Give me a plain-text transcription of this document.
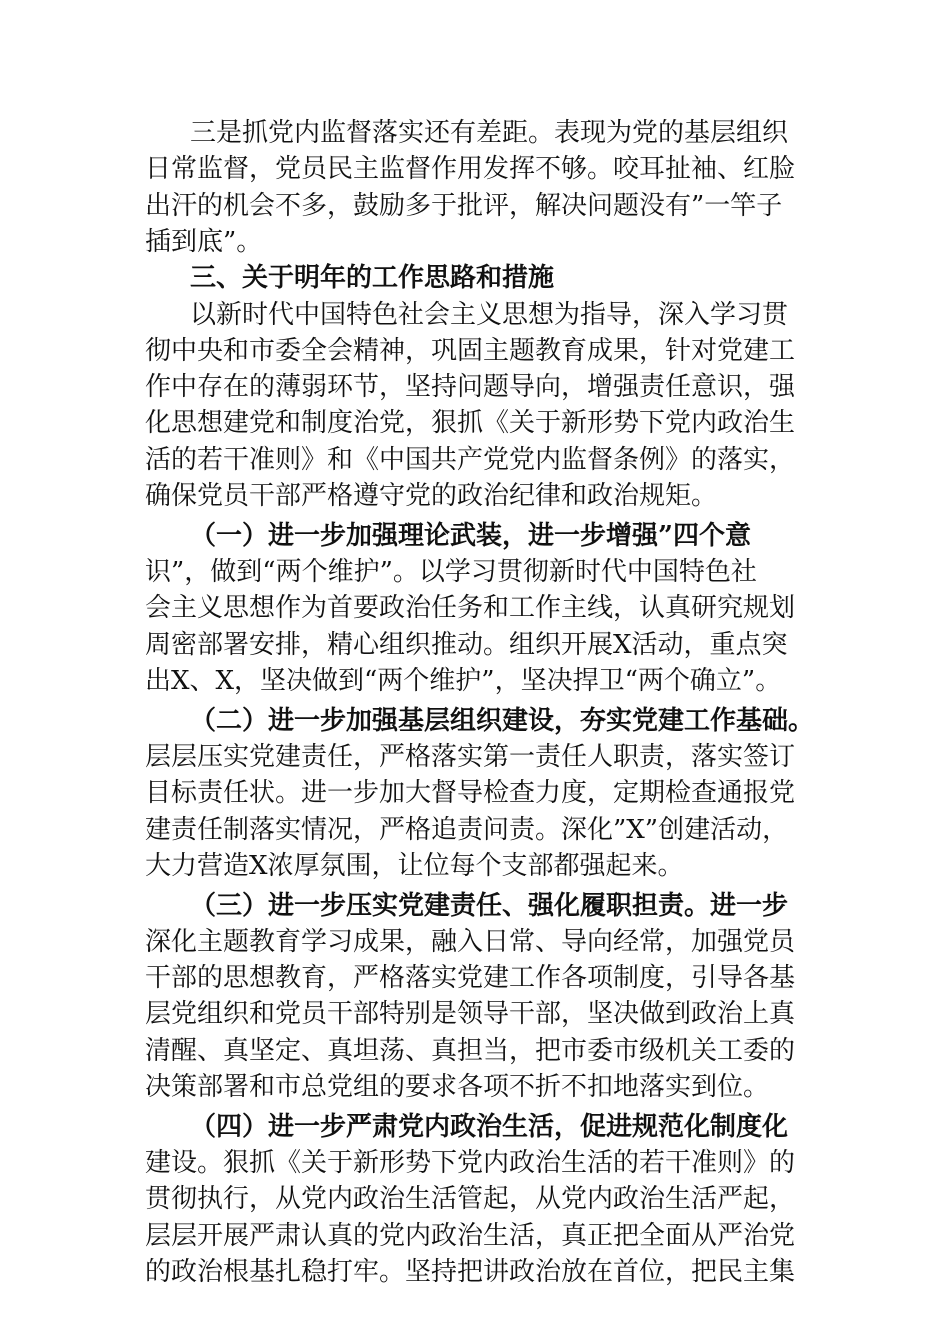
三是抓党内监督落实还有差距。表现为党的基层组织
日常监督，党员民主监督作用发挥不够。咬耳扯袖、红脸
出汗的机会不多，鼓励多于批评，解决问题没有”一竿子
插到底”。
三、关于明年的工作思路和措施
以新时代中国特色社会主义思想为指导，深入学习贯
彻中央和市委全会精神，巩固主题教育成果，针对党建工
作中存在的薄弱环节，坚持问题导向，增强责任意识，强
化思想建党和制度治党，狠抓《关于新形势下党内政治生
活的若干准则》和《中国共产党党内监督条例》的落实，
确保党员干部严格遵守党的政治纪律和政治规矩。
（一）进一步加强理论武装，进一步增强”四个意
识”，做到“两个维护”。以学习贯彻新时代中国特色社
会主义思想作为首要政治任务和工作主线，认真研究规划
周密部署安排，精心组织推动。组织开展X活动，重点突
出X、X，坚决做到“两个维护”，坚决捍卫“两个确立”。
（二）进一步加强基层组织建设，夯实党建工作基础。
层层压实党建责任，严格落实第一责任人职责，落实签订
目标责任状。进一步加大督导检查力度，定期检查通报党
建责任制落实情况，严格追责问责。深化”X”创建活动，
大力营造X浓厚氛围，让位每个支部都强起来。
（三）进一步压实党建责任、强化履职担责。进一步
深化主题教育学习成果，融入日常、导向经常，加强党员
干部的思想教育，严格落实党建工作各项制度，引导各基
层党组织和党员干部特别是领导干部，坚决做到政治上真
清醒、真坚定、真坦荡、真担当，把市委市级机关工委的
决策部署和市总党组的要求各项不折不扣地落实到位。
（四）进一步严肃党内政治生活，促进规范化制度化
建设。狠抓《关于新形势下党内政治生活的若干准则》的
贯彻执行，从党内政治生活管起，从党内政治生活严起，
层层开展严肃认真的党内政治生活，真正把全面从严治党
的政治根基扎稳打牢。坚持把讲政治放在首位，把民主集
